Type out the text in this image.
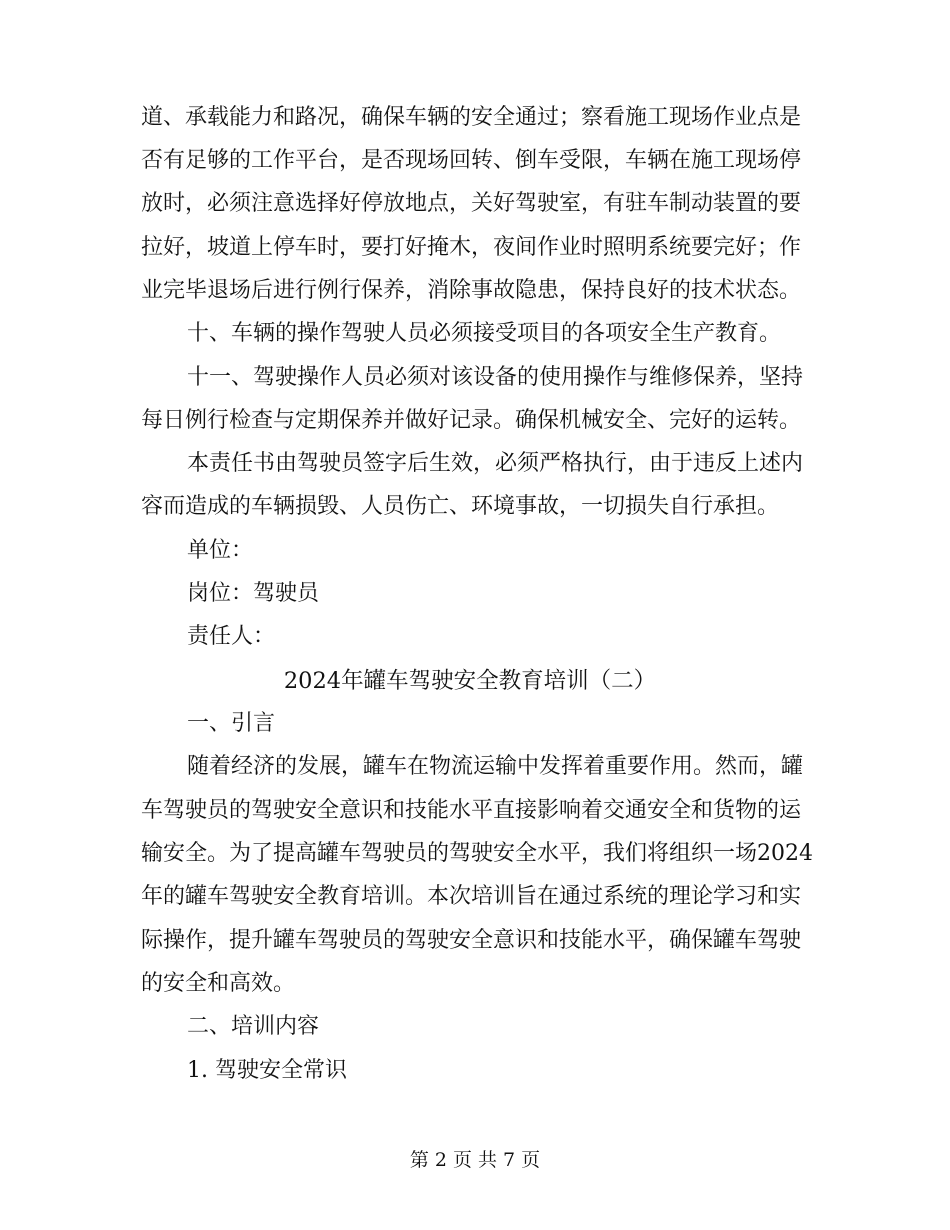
道、承载能力和路况，确保车辆的安全通过；察看施工现场作业点是
否有足够的工作平台，是否现场回转、倒车受限，车辆在施工现场停
放时，必须注意选择好停放地点，关好驾驶室，有驻车制动装置的要
拉好，坡道上停车时，要打好掩木，夜间作业时照明系统要完好；作
业完毕退场后进行例行保养，消除事故隐患，保持良好的技术状态。
十、车辆的操作驾驶人员必须接受项目的各项安全生产教育。
十一、驾驶操作人员必须对该设备的使用操作与维修保养，坚持
每日例行检查与定期保养并做好记录。确保机械安全、完好的运转。
本责任书由驾驶员签字后生效，必须严格执行，由于违反上述内
容而造成的车辆损毁、人员伤亡、环境事故，一切损失自行承担。
单位：
岗位：驾驶员
责任人：
2024年罐车驾驶安全教育培训（二）
一、引言
随着经济的发展，罐车在物流运输中发挥着重要作用。然而，罐
车驾驶员的驾驶安全意识和技能水平直接影响着交通安全和货物的运
输安全。为了提高罐车驾驶员的驾驶安全水平，我们将组织一场2024
年的罐车驾驶安全教育培训。本次培训旨在通过系统的理论学习和实
际操作，提升罐车驾驶员的驾驶安全意识和技能水平，确保罐车驾驶
的安全和高效。
二、培训内容
1. 驾驶安全常识
第 2 页 共 7 页
